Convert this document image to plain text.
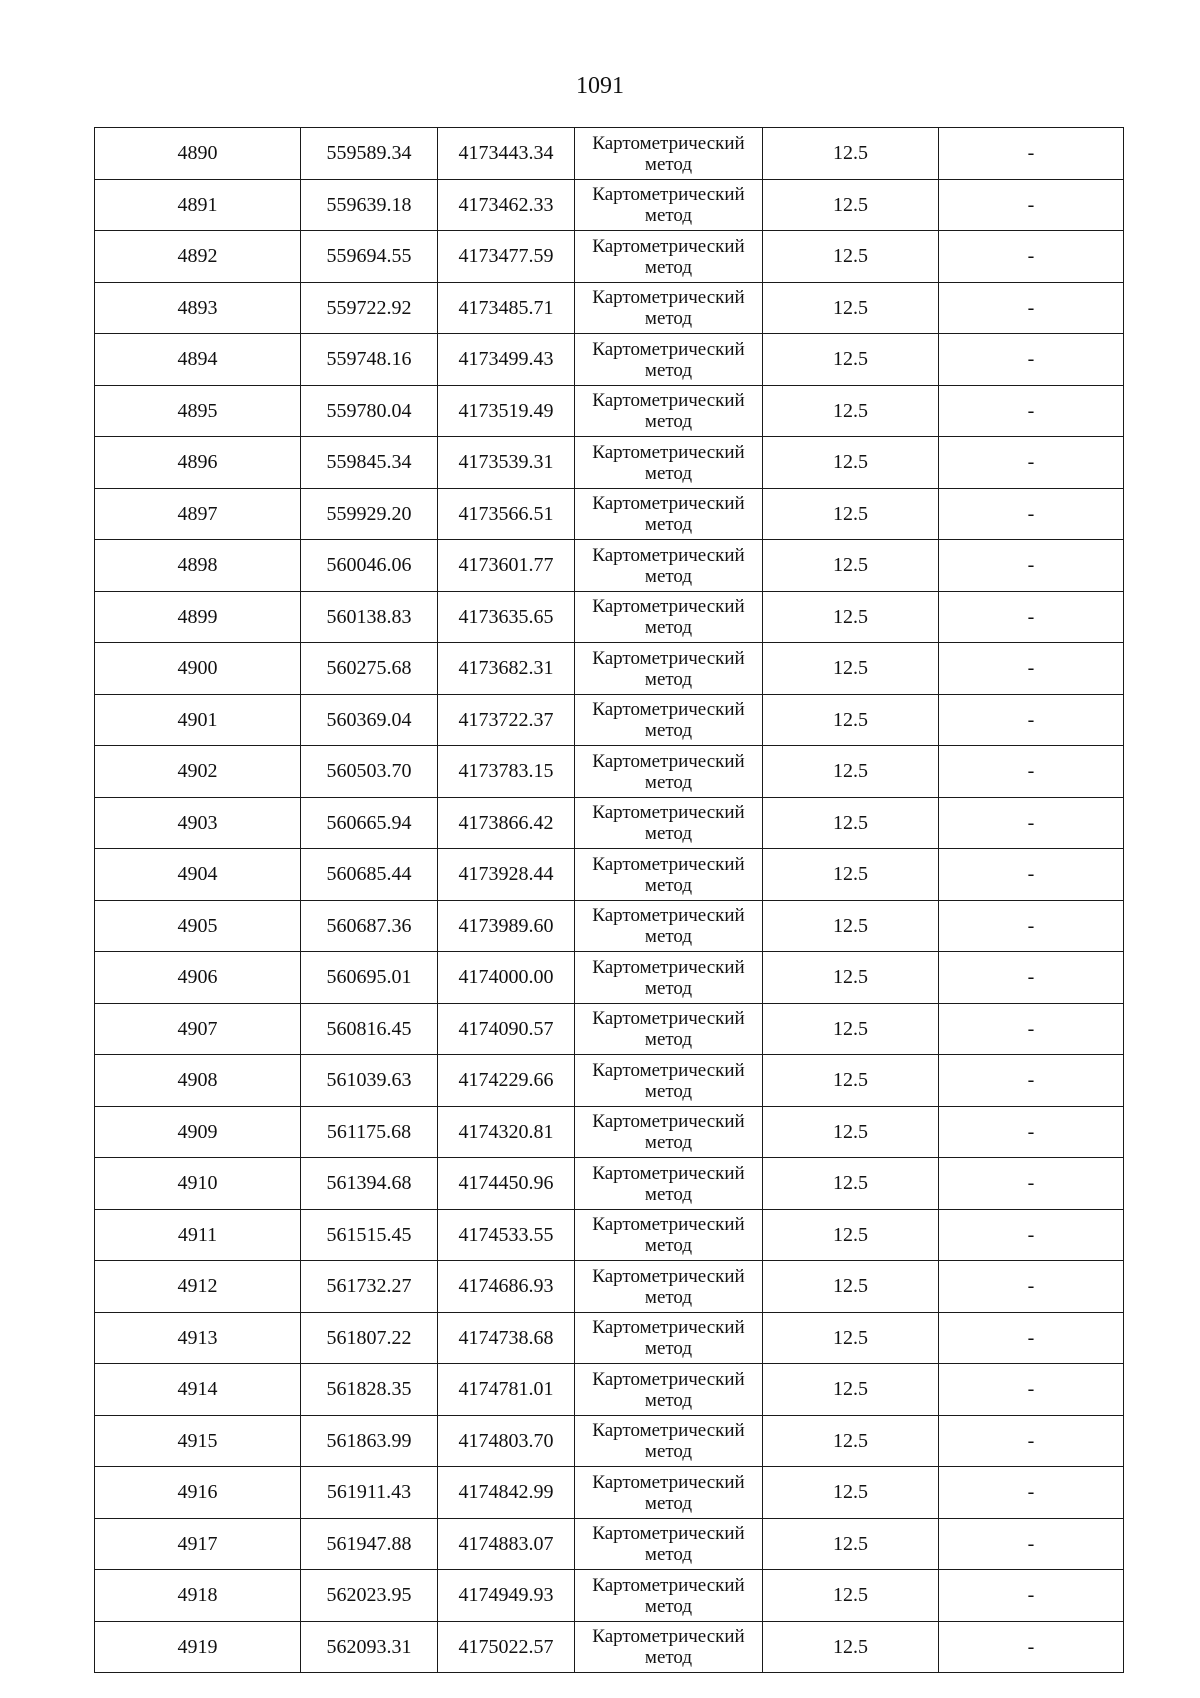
1091
4890	559589.34	4173443.34	Картометрический
метод	12.5	-
4891	559639.18	4173462.33	Картометрический
метод	12.5	-
4892	559694.55	4173477.59	Картометрический
метод	12.5	-
4893	559722.92	4173485.71	Картометрический
метод	12.5	-
4894	559748.16	4173499.43	Картометрический
метод	12.5	-
4895	559780.04	4173519.49	Картометрический
метод	12.5	-
4896	559845.34	4173539.31	Картометрический
метод	12.5	-
4897	559929.20	4173566.51	Картометрический
метод	12.5	-
4898	560046.06	4173601.77	Картометрический
метод	12.5	-
4899	560138.83	4173635.65	Картометрический
метод	12.5	-
4900	560275.68	4173682.31	Картометрический
метод	12.5	-
4901	560369.04	4173722.37	Картометрический
метод	12.5	-
4902	560503.70	4173783.15	Картометрический
метод	12.5	-
4903	560665.94	4173866.42	Картометрический
метод	12.5	-
4904	560685.44	4173928.44	Картометрический
метод	12.5	-
4905	560687.36	4173989.60	Картометрический
метод	12.5	-
4906	560695.01	4174000.00	Картометрический
метод	12.5	-
4907	560816.45	4174090.57	Картометрический
метод	12.5	-
4908	561039.63	4174229.66	Картометрический
метод	12.5	-
4909	561175.68	4174320.81	Картометрический
метод	12.5	-
4910	561394.68	4174450.96	Картометрический
метод	12.5	-
4911	561515.45	4174533.55	Картометрический
метод	12.5	-
4912	561732.27	4174686.93	Картометрический
метод	12.5	-
4913	561807.22	4174738.68	Картометрический
метод	12.5	-
4914	561828.35	4174781.01	Картометрический
метод	12.5	-
4915	561863.99	4174803.70	Картометрический
метод	12.5	-
4916	561911.43	4174842.99	Картометрический
метод	12.5	-
4917	561947.88	4174883.07	Картометрический
метод	12.5	-
4918	562023.95	4174949.93	Картометрический
метод	12.5	-
4919	562093.31	4175022.57	Картометрический
метод	12.5	-
